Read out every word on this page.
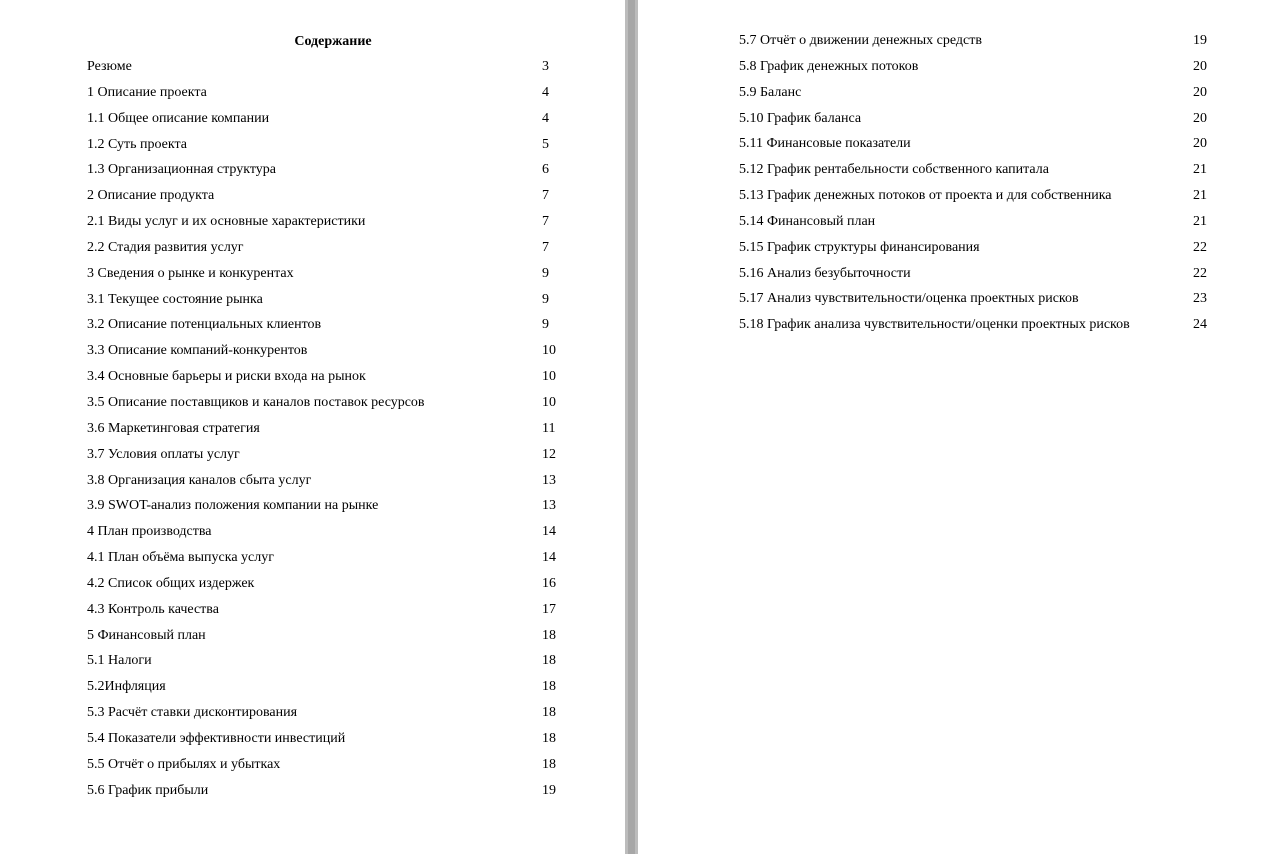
Содержание
Резюме	3
1 Описание проекта	4
1.1 Общее описание компании	4
1.2 Суть проекта	5
1.3 Организационная структура	6
2 Описание продукта	7
2.1 Виды услуг и их основные характеристики	7
2.2 Стадия развития услуг	7
3 Сведения о рынке и конкурентах	9
3.1 Текущее состояние рынка	9
3.2 Описание потенциальных клиентов	9
3.3 Описание компаний-конкурентов	10
3.4 Основные барьеры и риски входа на рынок	10
3.5 Описание поставщиков и каналов поставок ресурсов	10
3.6 Маркетинговая стратегия	11
3.7 Условия оплаты услуг	12
3.8 Организация каналов сбыта услуг	13
3.9 SWOT-анализ положения компании на рынке	13
4 План производства	14
4.1 План объёма выпуска услуг	14
4.2 Список общих издержек	16
4.3 Контроль качества	17
5 Финансовый план	18
5.1 Налоги	18
5.2Инфляция	18
5.3 Расчёт ставки дисконтирования	18
5.4 Показатели эффективности инвестиций	18
5.5 Отчёт о прибылях и убытках	18
5.6 График прибыли	19
5.7 Отчёт о движении денежных средств	19
5.8 График денежных потоков	20
5.9 Баланс	20
5.10 График баланса	20
5.11 Финансовые показатели	20
5.12 График рентабельности собственного капитала	21
5.13 График денежных потоков от проекта и для собственника	21
5.14 Финансовый план	21
5.15 График структуры финансирования	22
5.16 Анализ безубыточности	22
5.17 Анализ чувствительности/оценка проектных рисков	23
5.18 График анализа чувствительности/оценки проектных рисков	24
